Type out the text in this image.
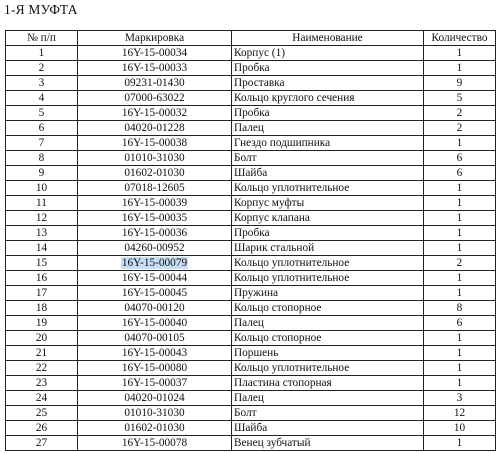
1-Я МУФТА
№ п/п	Маркировка	Наименование	Количество
1	16Y-15-00034	Корпус (1)	1
2	16Y-15-00033	Пробка	1
3	09231-01430	Проставка	9
4	07000-63022	Кольцо круглого сечения	5
5	16Y-15-00032	Пробка	2
6	04020-01228	Палец	2
7	16Y-15-00038	Гнездо подшипника	1
8	01010-31030	Болт	6
9	01602-01030	Шайба	6
10	07018-12605	Кольцо уплотнительное	1
11	16Y-15-00039	Корпус муфты	1
12	16Y-15-00035	Корпус клапана	1
13	16Y-15-00036	Пробка	1
14	04260-00952	Шарик стальной	1
15	16Y-15-00079	Кольцо уплотнительное	2
16	16Y-15-00044	Кольцо уплотнительное	1
17	16Y-15-00045	Пружина	1
18	04070-00120	Кольцо стопорное	8
19	16Y-15-00040	Палец	6
20	04070-00105	Кольцо стопорное	1
21	16Y-15-00043	Поршень	1
22	16Y-15-00080	Кольцо уплотнительное	1
23	16Y-15-00037	Пластина стопорная	1
24	04020-01024	Палец	3
25	01010-31030	Болт	12
26	01602-01030	Шайба	10
27	16Y-15-00078	Венец зубчатый	1
